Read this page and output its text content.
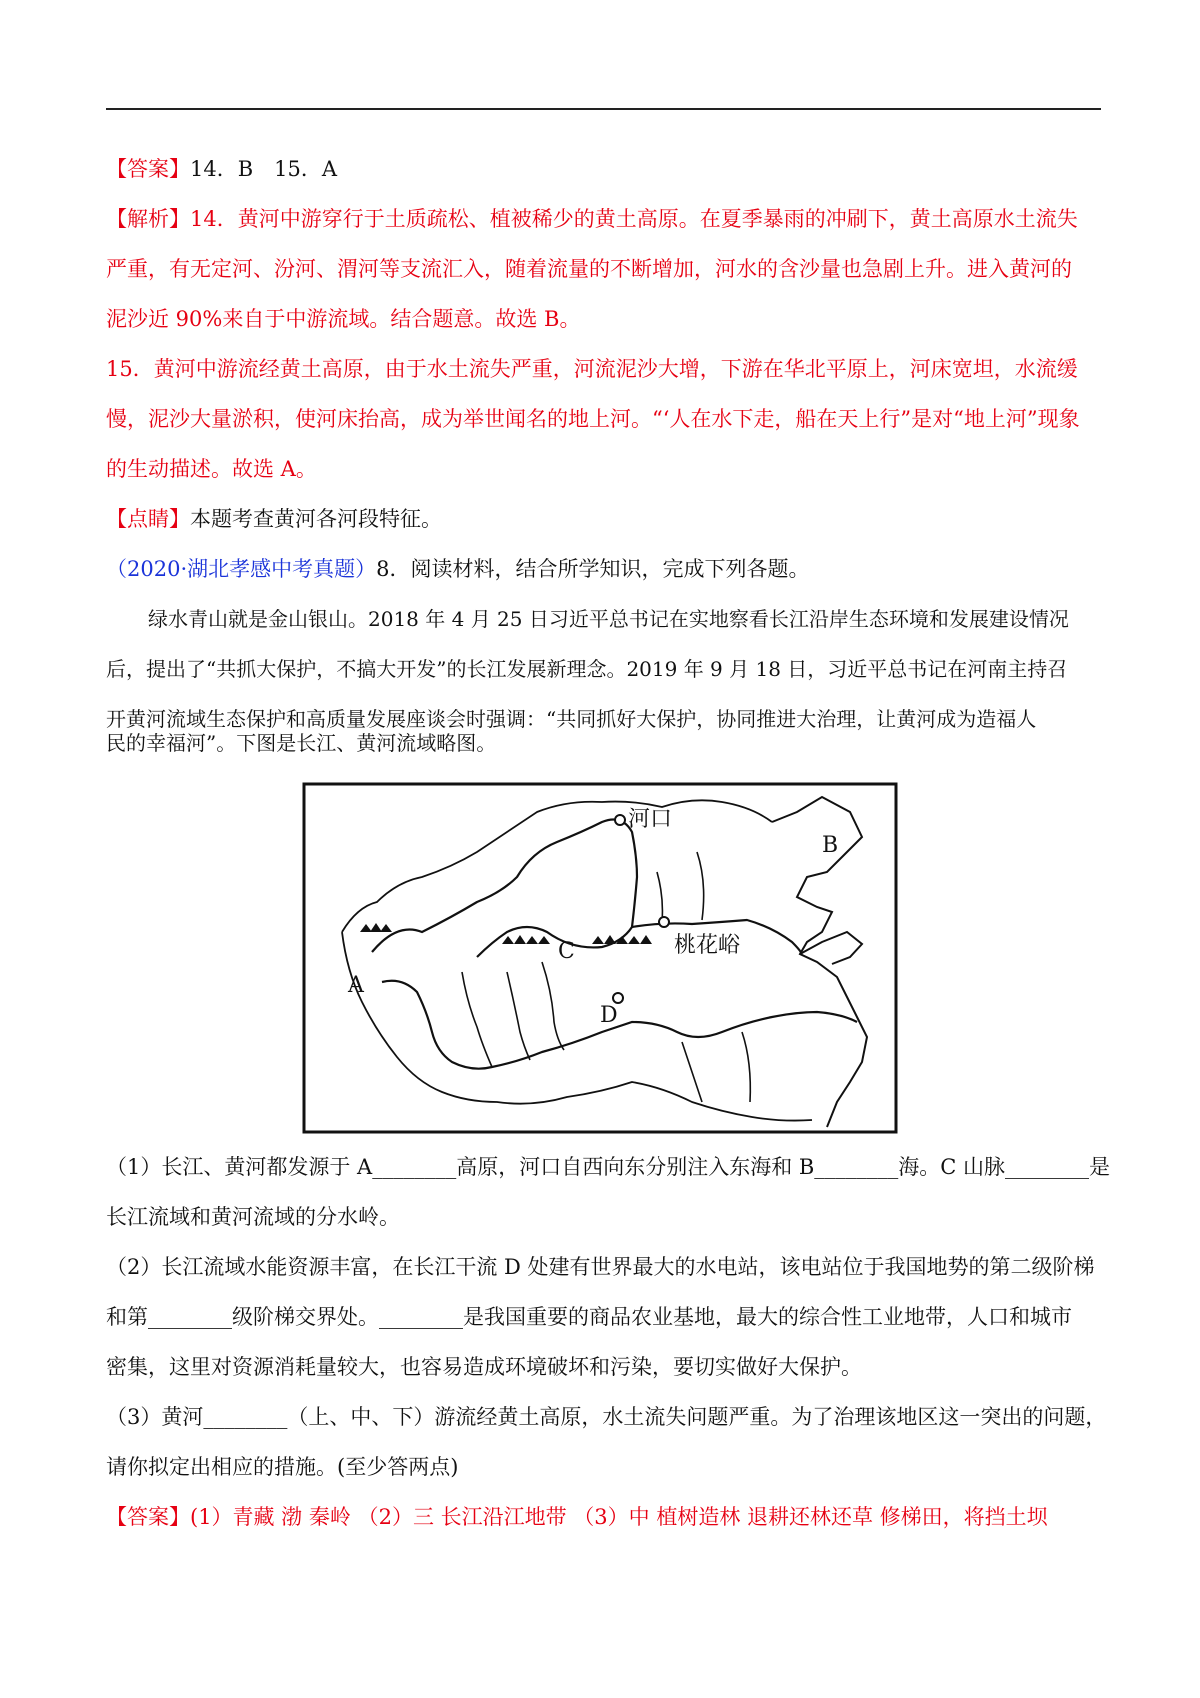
【答案】14．B　15．A
【解析】14．黄河中游穿行于土质疏松、植被稀少的黄土高原。在夏季暴雨的冲刷下，黄土高原水土流失
严重，有无定河、汾河、渭河等支流汇入，随着流量的不断增加，河水的含沙量也急剧上升。进入黄河的
泥沙近 90%来自于中游流域。结合题意。故选 B。
15．黄河中游流经黄土高原，由于水土流失严重，河流泥沙大增，下游在华北平原上，河床宽坦，水流缓
慢，泥沙大量淤积，使河床抬高，成为举世闻名的地上河。“‘人在水下走，船在天上行”是对“地上河”现象
的生动描述。故选 A。
【点睛】本题考查黄河各河段特征。
（2020·湖北孝感中考真题）8．阅读材料，结合所学知识，完成下列各题。
绿水青山就是金山银山。2018 年 4 月 25 日习近平总书记在实地察看长江沿岸生态环境和发展建设情况
后，提出了“共抓大保护，不搞大开发”的长江发展新理念。2019 年 9 月 18 日，习近平总书记在河南主持召
开黄河流域生态保护和高质量发展座谈会时强调：“共同抓好大保护，协同推进大治理，让黄河成为造福人
民的幸福河”。下图是长江、黄河流域略图。
河口
B
A
C
D
桃花峪
（1）长江、黄河都发源于 A________高原，河口自西向东分别注入东海和 B________海。C 山脉________是
长江流域和黄河流域的分水岭。
（2）长江流域水能资源丰富，在长江干流 D 处建有世界最大的水电站，该电站位于我国地势的第二级阶梯
和第________级阶梯交界处。________是我国重要的商品农业基地，最大的综合性工业地带，人口和城市
密集，这里对资源消耗量较大，也容易造成环境破坏和污染，要切实做好大保护。
（3）黄河________（上、中、下）游流经黄土高原，水土流失问题严重。为了治理该地区这一突出的问题，
请你拟定出相应的措施。(至少答两点)
【答案】(1）青藏 渤 秦岭 （2）三 长江沿江地带 （3）中 植树造林 退耕还林还草 修梯田，将挡土坝
